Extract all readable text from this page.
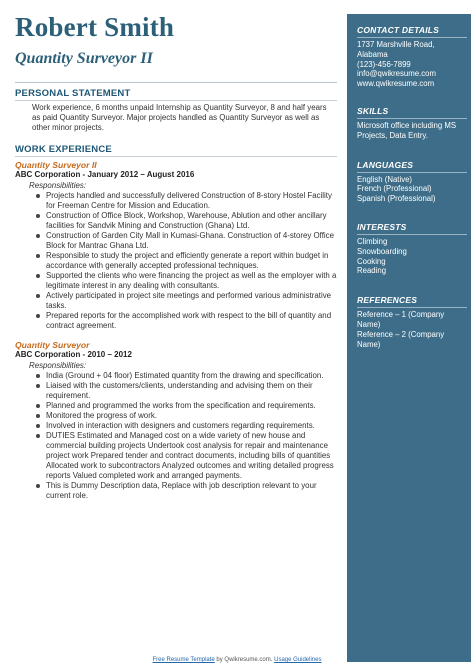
Robert Smith
Quantity Surveyor II
PERSONAL STATEMENT
Work experience, 6 months unpaid Internship as Quantity Surveyor, 8 and half years as paid Quantity Surveyor. Major projects handled as Quantity Surveyor as well as other minor projects.
WORK EXPERIENCE
Quantity Surveyor II
ABC Corporation - January 2012 – August 2016
Responsibilities:
Projects handled and successfully delivered Construction of 8-story Hostel Facility for Freeman Centre for Mission and Education.
Construction of Office Block, Workshop, Warehouse, Ablution and other ancillary facilities for Sandvik Mining and Construction (Ghana) Ltd.
Construction of Garden City Mall in Kumasi-Ghana. Construction of 4-storey Office Block for Mantrac Ghana Ltd.
Responsible to study the project and efficiently generate a report within budget in accordance with generally accepted professional techniques.
Supported the clients who were financing the project as well as the employer with a legitimate interest in any dealing with consultants.
Actively participated in project site meetings and performed various administrative tasks.
Prepared reports for the accomplished work with respect to the bill of quantity and contract agreement.
Quantity Surveyor
ABC Corporation - 2010 – 2012
Responsibilities:
India (Ground + 04 floor) Estimated quantity from the drawing and specification.
Liaised with the customers/clients, understanding and advising them on their requirement.
Planned and programmed the works from the specification and requirements.
Monitored the progress of work.
Involved in interaction with designers and customers regarding requirements.
DUTIES Estimated and Managed cost on a wide variety of new house and commercial building projects Undertook cost analysis for repair and maintenance project work Prepared tender and contract documents, including bills of quantities Allocated work to subcontractors Analyzed outcomes and writing detailed progress reports Valued completed work and arranged payments.
This is Dummy Description data, Replace with job description relevant to your current role.
CONTACT DETAILS
1737 Marshville Road,
Alabama
(123)-456-7899
info@qwikresume.com
www.qwikresume.com
SKILLS
Microsoft office including MS Projects, Data Entry.
LANGUAGES
English (Native)
French (Professional)
Spanish (Professional)
INTERESTS
Climbing
Snowboarding
Cooking
Reading
REFERENCES
Reference – 1 (Company Name)
Reference – 2 (Company Name)
Free Resume Template by Qwikresume.com. Usage Guidelines
